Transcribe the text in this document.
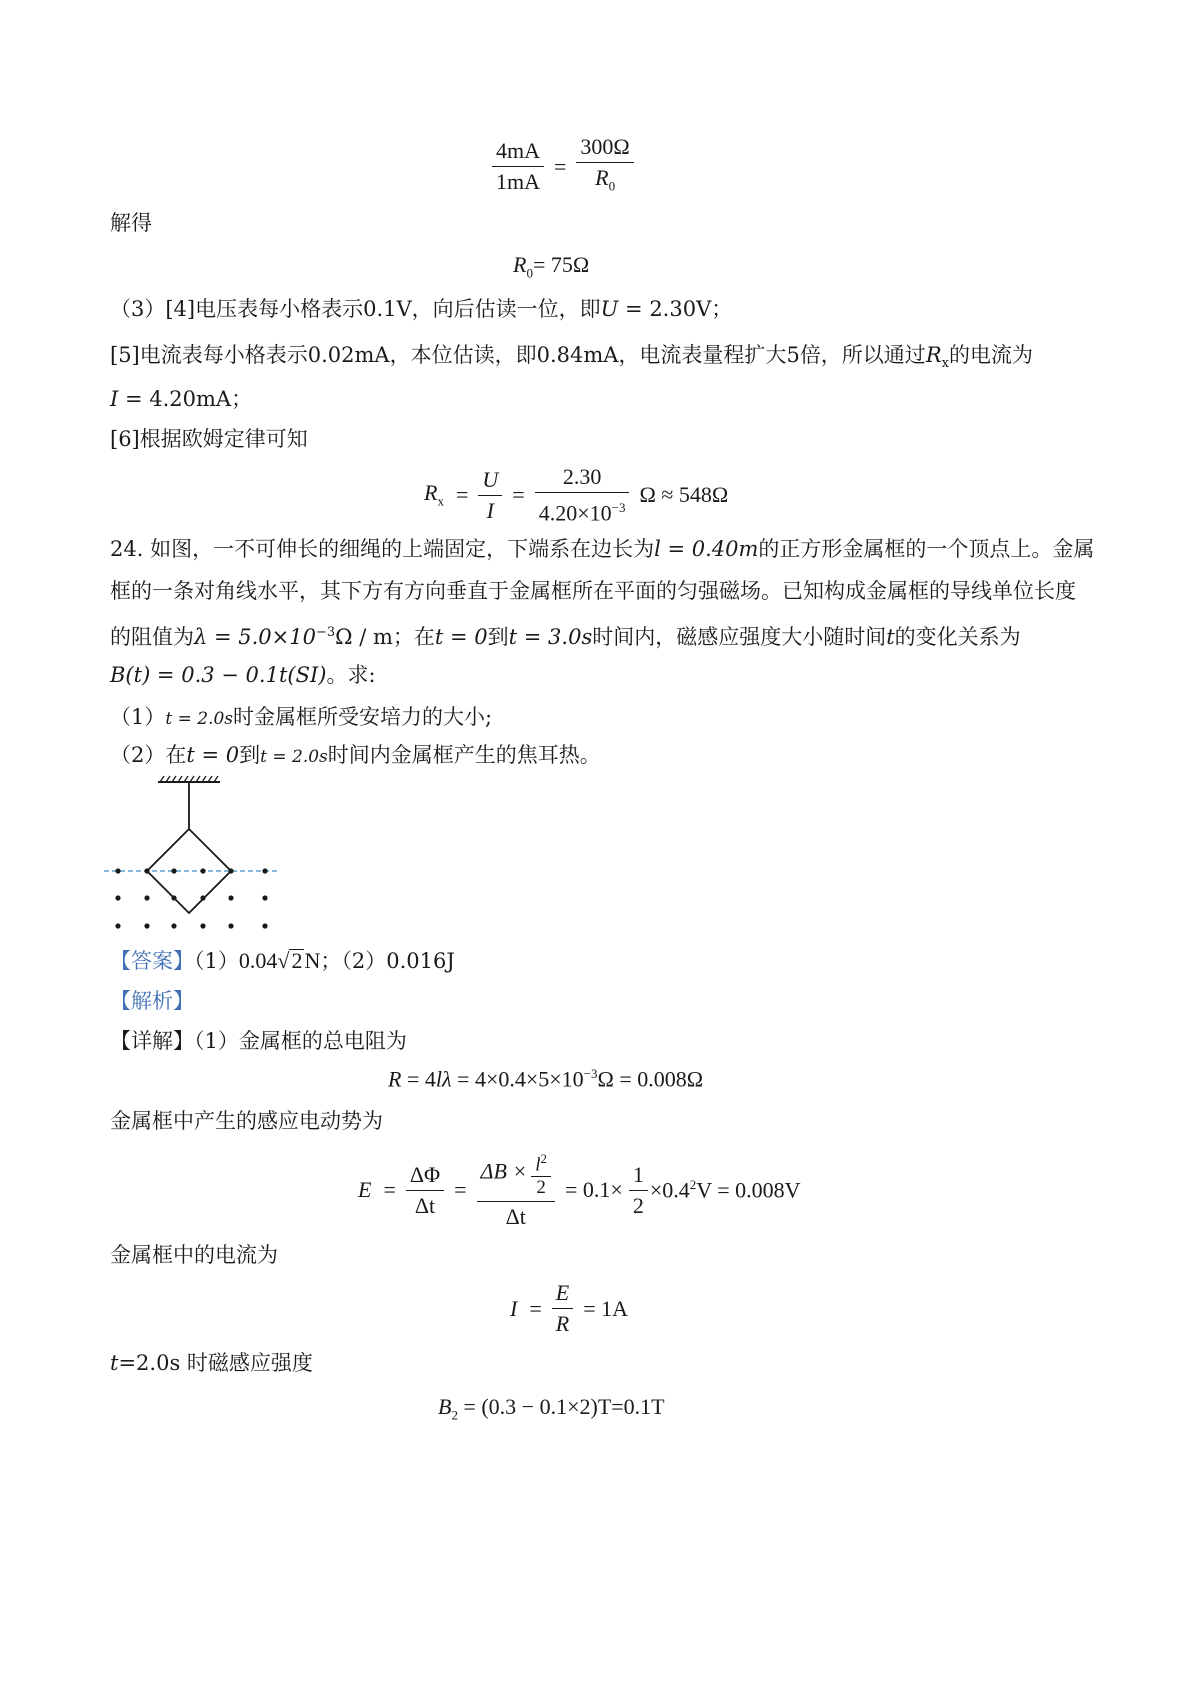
$\frac{4mA}{1mA} = \frac{300\Omega}{R_0}$
解得
$R_0= 75\Omega$
（3）[4]电压表每小格表示0.1V，向后估读一位，即U = 2.30V；
[5]电流表每小格表示0.02mA，本位估读，即0.84mA，电流表量程扩大5倍，所以通过$R_x$的电流为
I = 4.20mA；
[6]根据欧姆定律可知
$R_x = \frac{U}{I} = \frac{2.30}{4.20\times 10^{-3}}$ Ω ≈ 548Ω
24. 如图，一不可伸长的细绳的上端固定，下端系在边长为l = 0.40m的正方形金属框的一个顶点上。金属
框的一条对角线水平，其下方有方向垂直于金属框所在平面的匀强磁场。已知构成金属框的导线单位长度
的阻值为$\lambda = 5.0\times 10^{-3}\Omega / m$；在t = 0到t = 3.0s时间内，磁感应强度大小随时间t的变化关系为
B(t) = 0.3 − 0.1t(SI)。求:
（1）t = 2.0s时金属框所受安培力的大小;
（2）在t = 0到t = 2.0s时间内金属框产生的焦耳热。
【答案】（1）0.04√2N；（2）0.016J
【解析】
【详解】（1）金属框的总电阻为
$R = 4l\lambda = 4\times 0.4\times 5\times 10^{-3}\Omega = 0.008\Omega$
金属框中产生的感应电动势为
$E = \frac{\Delta\Phi}{\Delta t} = \frac{\Delta B \times \frac{l^2}{2}}{\Delta t} = 0.1\times \frac{1}{2} \times 0.4^2V = 0.008V$
金属框中的电流为
$I = \frac{E}{R} = 1A$
t=2.0s 时磁感应强度
$B_2 = (0.3 - 0.1\times 2)T=0.1T$
